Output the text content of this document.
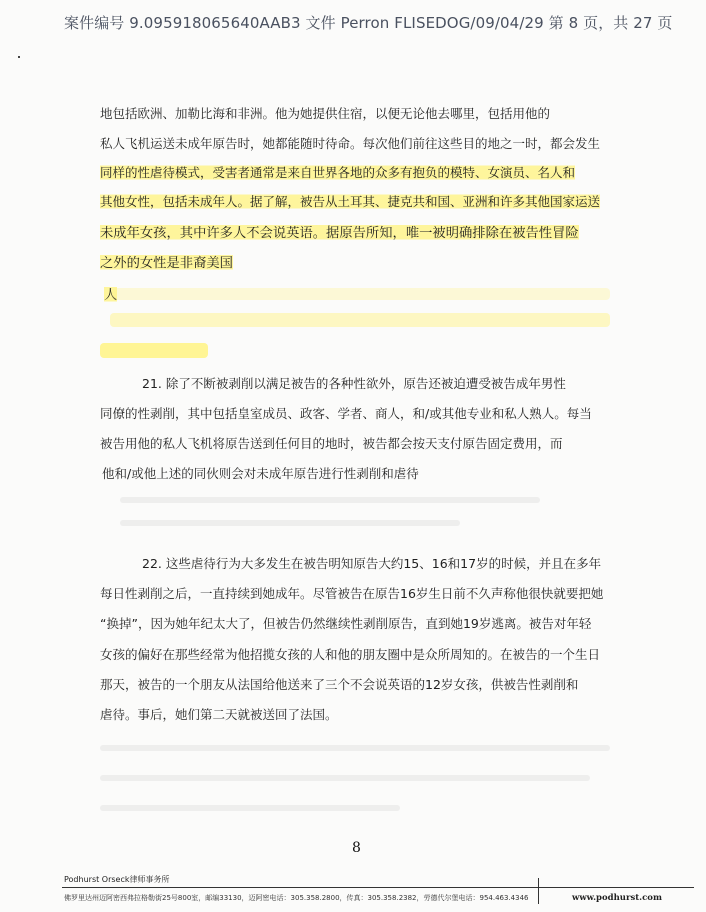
案件编号 9.095918065640AAB3 文件 Perron FLISEDOG/09/04/29 第 8 页，共 27 页
地包括欧洲、加勒比海和非洲。他为她提供住宿，以便无论他去哪里，包括用他的
私人飞机运送未成年原告时，她都能随时待命。每次他们前往这些目的地之一时，都会发生
同样的性虐待模式，受害者通常是来自世界各地的众多有抱负的模特、女演员、名人和
其他女性，包括未成年人。据了解，被告从土耳其、捷克共和国、亚洲和许多其他国家运送
未成年女孩，其中许多人不会说英语。据原告所知，唯一被明确排除在被告性冒险
之外的女性是非裔美国
人
21. 除了不断被剥削以满足被告的各种性欲外，原告还被迫遭受被告成年男性
同僚的性剥削，其中包括皇室成员、政客、学者、商人，和/或其他专业和私人熟人。每当
被告用他的私人飞机将原告送到任何目的地时，被告都会按天支付原告固定费用，而
他和/或他上述的同伙则会对未成年原告进行性剥削和虐待
22. 这些虐待行为大多发生在被告明知原告大约15、16和17岁的时候，并且在多年
每日性剥削之后，一直持续到她成年。尽管被告在原告16岁生日前不久声称他很快就要把她
“换掉”，因为她年纪太大了，但被告仍然继续性剥削原告，直到她19岁逃离。被告对年轻
女孩的偏好在那些经常为他招揽女孩的人和他的朋友圈中是众所周知的。在被告的一个生日
那天，被告的一个朋友从法国给他送来了三个不会说英语的12岁女孩，供被告性剥削和
虐待。事后，她们第二天就被送回了法国。
8
Podhurst Orseck律师事务所
佛罗里达州迈阿密西弗拉格勒街25号800室，邮编33130，迈阿密电话：305.358.2800，传真：305.358.2382，劳德代尔堡电话：954.463.4346	www.podhurst.com
